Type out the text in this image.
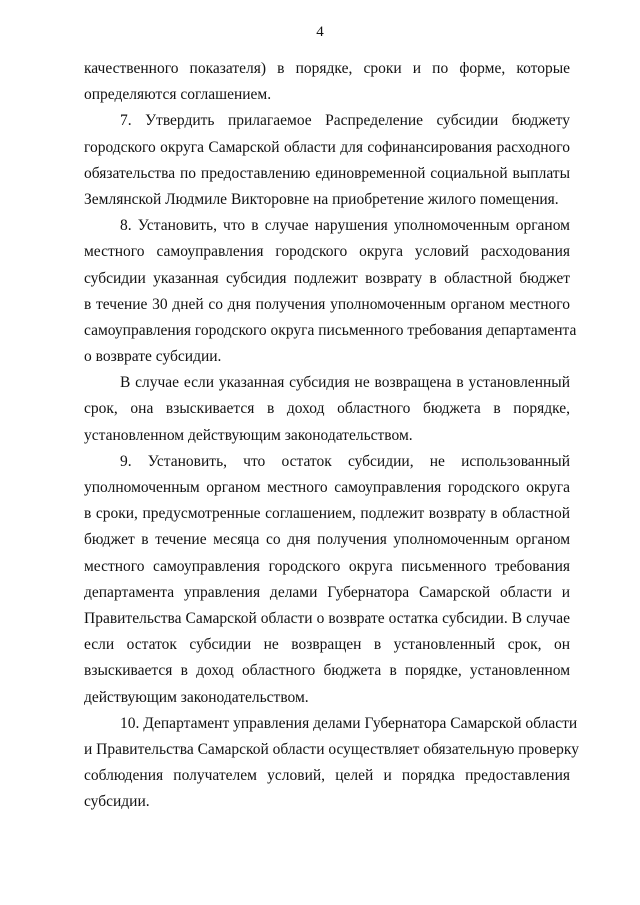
4
качественного показателя) в порядке, сроки и по форме, которые
определяются соглашением.
7. Утвердить прилагаемое Распределение субсидии бюджету
городского округа Самарской области для софинансирования расходного
обязательства по предоставлению единовременной социальной выплаты
Землянской Людмиле Викторовне на приобретение жилого помещения.
8. Установить, что в случае нарушения уполномоченным органом
местного самоуправления городского округа условий расходования
субсидии указанная субсидия подлежит возврату в областной бюджет
в течение 30 дней со дня получения уполномоченным органом местного
самоуправления городского округа письменного требования департамента
о возврате субсидии.
В случае если указанная субсидия не возвращена в установленный
срок, она взыскивается в доход областного бюджета в порядке,
установленном действующим законодательством.
9. Установить, что остаток субсидии, не использованный
уполномоченным органом местного самоуправления городского округа
в сроки, предусмотренные соглашением, подлежит возврату в областной
бюджет в течение месяца со дня получения уполномоченным органом
местного самоуправления городского округа письменного требования
департамента управления делами Губернатора Самарской области и
Правительства Самарской области о возврате остатка субсидии. В случае
если остаток субсидии не возвращен в установленный срок, он
взыскивается в доход областного бюджета в порядке, установленном
действующим законодательством.
10. Департамент управления делами Губернатора Самарской области
и Правительства Самарской области осуществляет обязательную проверку
соблюдения получателем условий, целей и порядка предоставления
субсидии.
